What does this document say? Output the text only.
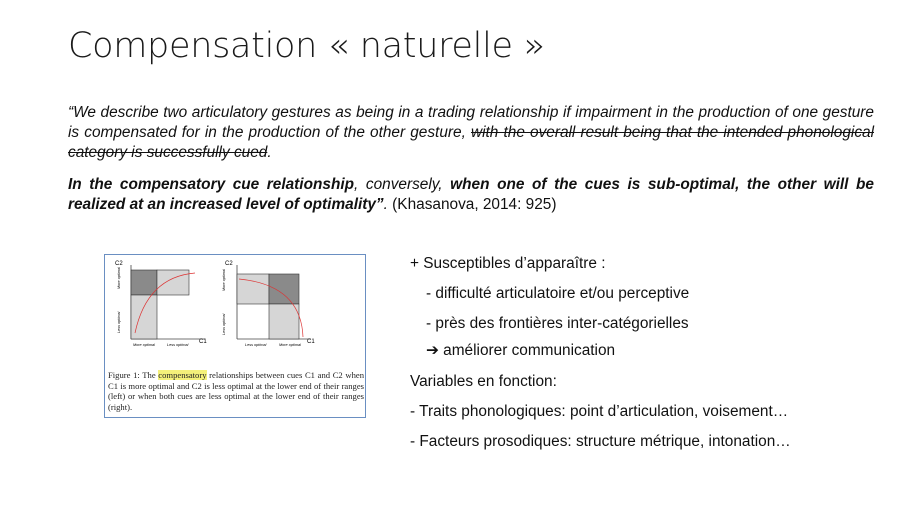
Compensation « naturelle »

“We describe two articulatory gestures as being in a trading relationship if impairment in the production of one gesture is compensated for in the production of the other gesture, with the overall result being that the intended phonological category is successfully cued.

In the compensatory cue relationship, conversely, when one of the cues is sub-optimal, the other will be realized at an increased level of optimality”. (Khasanova, 2014: 925)

C2
More optimal
Less optimal
More optimal	Less optimal C1
C2
More optimal
Less optimal
Less optimal	More optimal C1
Figure 1: The compensatory relationships between cues C1 and C2 when C1 is more optimal and C2 is less optimal at the lower end of their ranges (left) or when both cues are less optimal at the lower end of their ranges (right).
+ Susceptibles d’apparaître :
- difficulté articulatoire et/ou perceptive
- près des frontières inter-catégorielles
➔ améliorer communication
Variables en fonction:
- Traits phonologiques: point d’articulation, voisement…
- Facteurs prosodiques: structure métrique, intonation…
